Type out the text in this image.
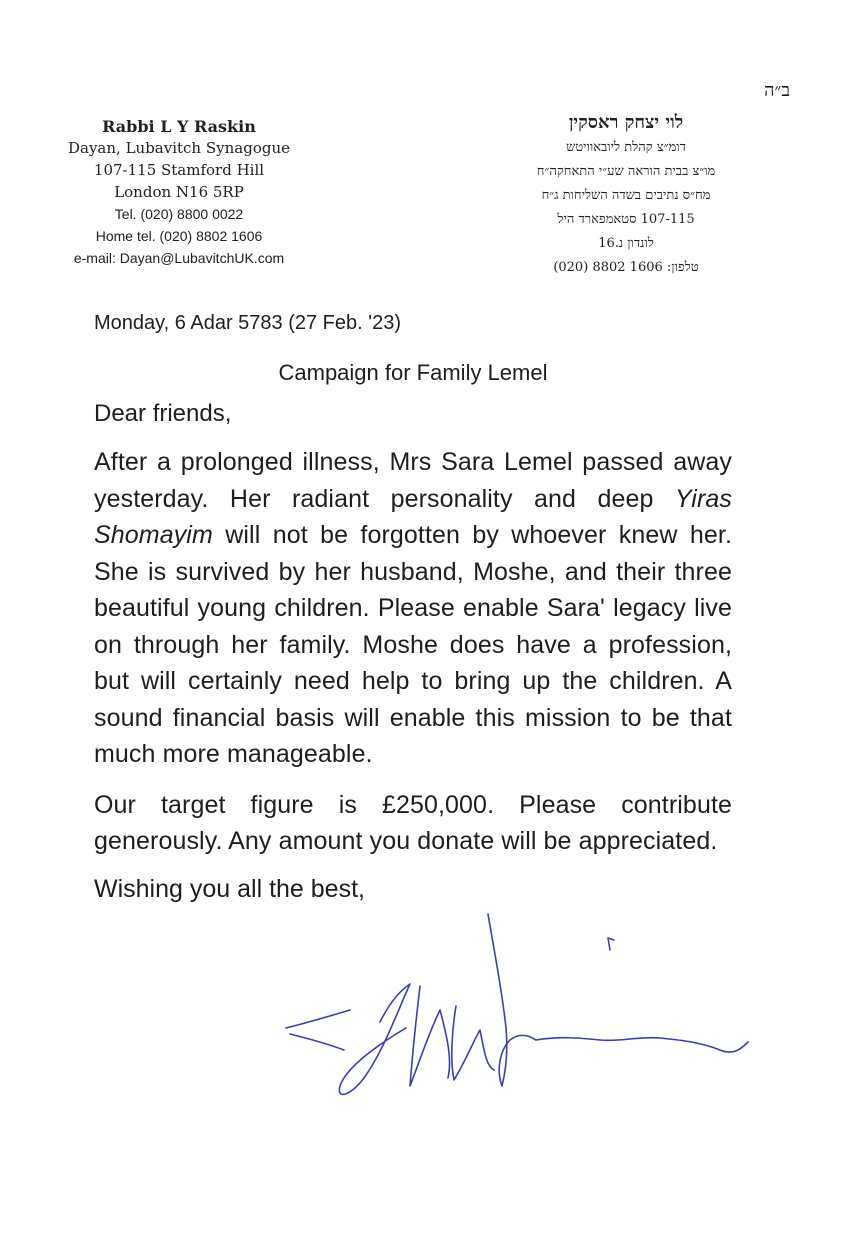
Rabbi L Y Raskin
Dayan, Lubavitch Synagogue
107-115 Stamford Hill
London N16 5RP
Tel. (020) 8800 0022
Home tel. (020) 8802 1606
e-mail: Dayan@LubavitchUK.com
ב״ה
לוי יצחק ראסקין
דומ״צ קהלת ליובאוויטש
מו״צ בבית הוראה שע״י התאחקה״ח
מח״ס נתיבים בשדה השליחות ג״ח
107-115 סטאמפארד היל
לונדון נ.16
טלפון: 1606 8802 (020)

Monday, 6 Adar 5783 (27 Feb. '23)

Campaign for Family Lemel

Dear friends,

After a prolonged illness, Mrs Sara Lemel passed away yesterday. Her radiant personality and deep Yiras Shomayim will not be forgotten by whoever knew her. She is survived by her husband, Moshe, and their three beautiful young children. Please enable Sara' legacy live on through her family. Moshe does have a profession, but will certainly need help to bring up the children. A sound financial basis will enable this mission to be that much more manageable.

Our target figure is £250,000. Please contribute generously. Any amount you donate will be appreciated.

Wishing you all the best,
